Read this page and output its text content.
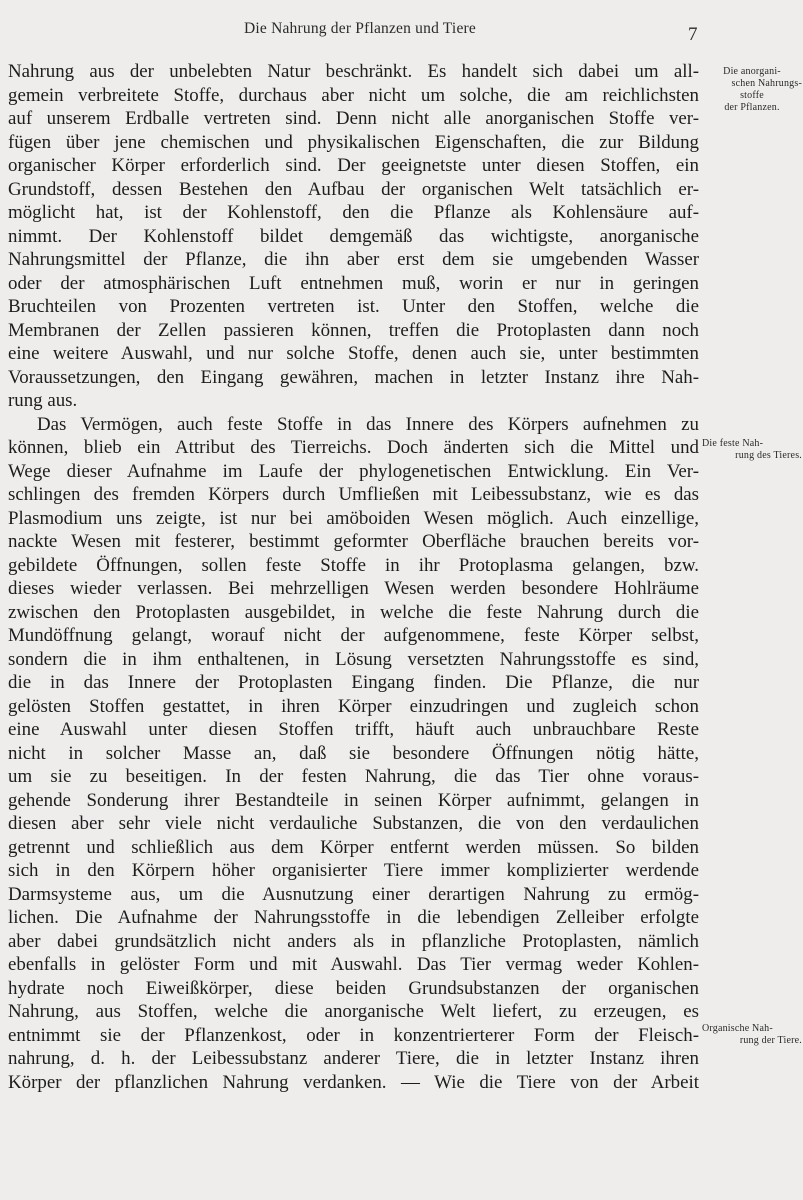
Die Nahrung der Pflanzen und Tiere	7
Nahrung aus der unbelebten Natur beschränkt. Es handelt sich dabei um all-
gemein verbreitete Stoffe, durchaus aber nicht um solche, die am reichlichsten
auf unserem Erdballe vertreten sind. Denn nicht alle anorganischen Stoffe ver-
fügen über jene chemischen und physikalischen Eigenschaften, die zur Bildung
organischer Körper erforderlich sind. Der geeignetste unter diesen Stoffen, ein
Grundstoff, dessen Bestehen den Aufbau der organischen Welt tatsächlich er-
möglicht hat, ist der Kohlenstoff, den die Pflanze als Kohlensäure auf-
nimmt. Der Kohlenstoff bildet demgemäß das wichtigste, anorganische
Nahrungsmittel der Pflanze, die ihn aber erst dem sie umgebenden Wasser
oder der atmosphärischen Luft entnehmen muß, worin er nur in geringen
Bruchteilen von Prozenten vertreten ist. Unter den Stoffen, welche die
Membranen der Zellen passieren können, treffen die Protoplasten dann noch
eine weitere Auswahl, und nur solche Stoffe, denen auch sie, unter bestimmten
Voraussetzungen, den Eingang gewähren, machen in letzter Instanz ihre Nah-
rung aus.
Das Vermögen, auch feste Stoffe in das Innere des Körpers aufnehmen zu
können, blieb ein Attribut des Tierreichs. Doch änderten sich die Mittel und
Wege dieser Aufnahme im Laufe der phylogenetischen Entwicklung. Ein Ver-
schlingen des fremden Körpers durch Umfließen mit Leibessubstanz, wie es das
Plasmodium uns zeigte, ist nur bei amöboiden Wesen möglich. Auch einzellige,
nackte Wesen mit festerer, bestimmt geformter Oberfläche brauchen bereits vor-
gebildete Öffnungen, sollen feste Stoffe in ihr Protoplasma gelangen, bzw.
dieses wieder verlassen. Bei mehrzelligen Wesen werden besondere Hohlräume
zwischen den Protoplasten ausgebildet, in welche die feste Nahrung durch die
Mundöffnung gelangt, worauf nicht der aufgenommene, feste Körper selbst,
sondern die in ihm enthaltenen, in Lösung versetzten Nahrungsstoffe es sind,
die in das Innere der Protoplasten Eingang finden. Die Pflanze, die nur
gelösten Stoffen gestattet, in ihren Körper einzudringen und zugleich schon
eine Auswahl unter diesen Stoffen trifft, häuft auch unbrauchbare Reste
nicht in solcher Masse an, daß sie besondere Öffnungen nötig hätte,
um sie zu beseitigen. In der festen Nahrung, die das Tier ohne voraus-
gehende Sonderung ihrer Bestandteile in seinen Körper aufnimmt, gelangen in
diesen aber sehr viele nicht verdauliche Substanzen, die von den verdaulichen
getrennt und schließlich aus dem Körper entfernt werden müssen. So bilden
sich in den Körpern höher organisierter Tiere immer komplizierter werdende
Darmsysteme aus, um die Ausnutzung einer derartigen Nahrung zu ermög-
lichen. Die Aufnahme der Nahrungsstoffe in die lebendigen Zelleiber erfolgte
aber dabei grundsätzlich nicht anders als in pflanzliche Protoplasten, nämlich
ebenfalls in gelöster Form und mit Auswahl. Das Tier vermag weder Kohlen-
hydrate noch Eiweißkörper, diese beiden Grundsubstanzen der organischen
Nahrung, aus Stoffen, welche die anorganische Welt liefert, zu erzeugen, es
entnimmt sie der Pflanzenkost, oder in konzentrierterer Form der Fleisch-
nahrung, d. h. der Leibessubstanz anderer Tiere, die in letzter Instanz ihren
Körper der pflanzlichen Nahrung verdanken. — Wie die Tiere von der Arbeit
Die anorgani-
schen Nahrungs-
stoffe
der Pflanzen.
Die feste Nah-
rung des Tieres.
Organische Nah-
rung der Tiere.
